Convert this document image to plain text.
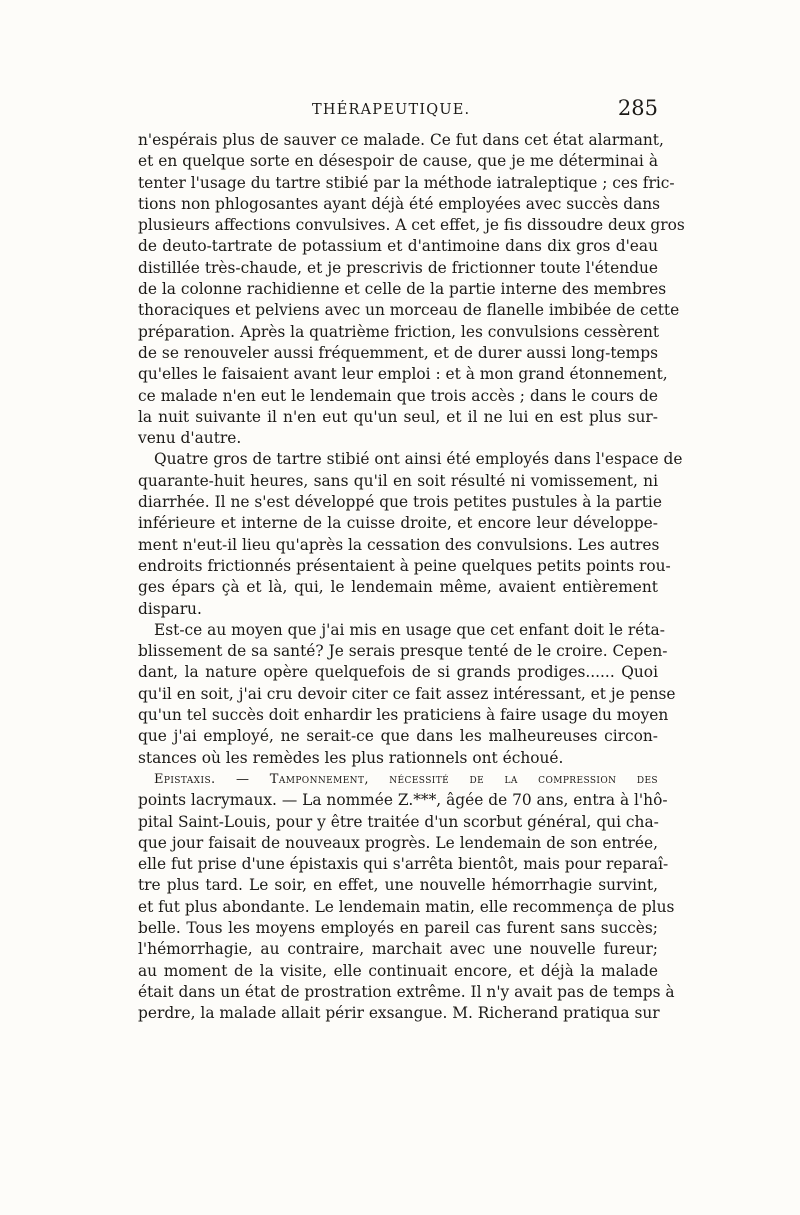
THÉRAPEUTIQUE.	285
n'espérais plus de sauver ce malade. Ce fut dans cet état alarmant,
et en quelque sorte en désespoir de cause, que je me déterminai à
tenter l'usage du tartre stibié par la méthode iatraleptique ; ces fric-
tions non phlogosantes ayant déjà été employées avec succès dans
plusieurs affections convulsives. A cet effet, je fis dissoudre deux gros
de deuto-tartrate de potassium et d'antimoine dans dix gros d'eau
distillée très-chaude, et je prescrivis de frictionner toute l'étendue
de la colonne rachidienne et celle de la partie interne des membres
thoraciques et pelviens avec un morceau de flanelle imbibée de cette
préparation. Après la quatrième friction, les convulsions cessèrent
de se renouveler aussi fréquemment, et de durer aussi long-temps
qu'elles le faisaient avant leur emploi : et à mon grand étonnement,
ce malade n'en eut le lendemain que trois accès ; dans le cours de
la nuit suivante il n'en eut qu'un seul, et il ne lui en est plus sur-
venu d'autre.
Quatre gros de tartre stibié ont ainsi été employés dans l'espace de
quarante-huit heures, sans qu'il en soit résulté ni vomissement, ni
diarrhée. Il ne s'est développé que trois petites pustules à la partie
inférieure et interne de la cuisse droite, et encore leur développe-
ment n'eut-il lieu qu'après la cessation des convulsions. Les autres
endroits frictionnés présentaient à peine quelques petits points rou-
ges épars çà et là, qui, le lendemain même, avaient entièrement
disparu.
Est-ce au moyen que j'ai mis en usage que cet enfant doit le réta-
blissement de sa santé? Je serais presque tenté de le croire. Cepen-
dant, la nature opère quelquefois de si grands prodiges...... Quoi
qu'il en soit, j'ai cru devoir citer ce fait assez intéressant, et je pense
qu'un tel succès doit enhardir les praticiens à faire usage du moyen
que j'ai employé, ne serait-ce que dans les malheureuses circon-
stances où les remèdes les plus rationnels ont échoué.
Epistaxis. — Tamponnement, nécessité de la compression des
points lacrymaux. — La nommée Z.***, âgée de 70 ans, entra à l'hô-
pital Saint-Louis, pour y être traitée d'un scorbut général, qui cha-
que jour faisait de nouveaux progrès. Le lendemain de son entrée,
elle fut prise d'une épistaxis qui s'arrêta bientôt, mais pour reparaî-
tre plus tard. Le soir, en effet, une nouvelle hémorrhagie survint,
et fut plus abondante. Le lendemain matin, elle recommença de plus
belle. Tous les moyens employés en pareil cas furent sans succès;
l'hémorrhagie, au contraire, marchait avec une nouvelle fureur;
au moment de la visite, elle continuait encore, et déjà la malade
était dans un état de prostration extrême. Il n'y avait pas de temps à
perdre, la malade allait périr exsangue. M. Richerand pratiqua sur
